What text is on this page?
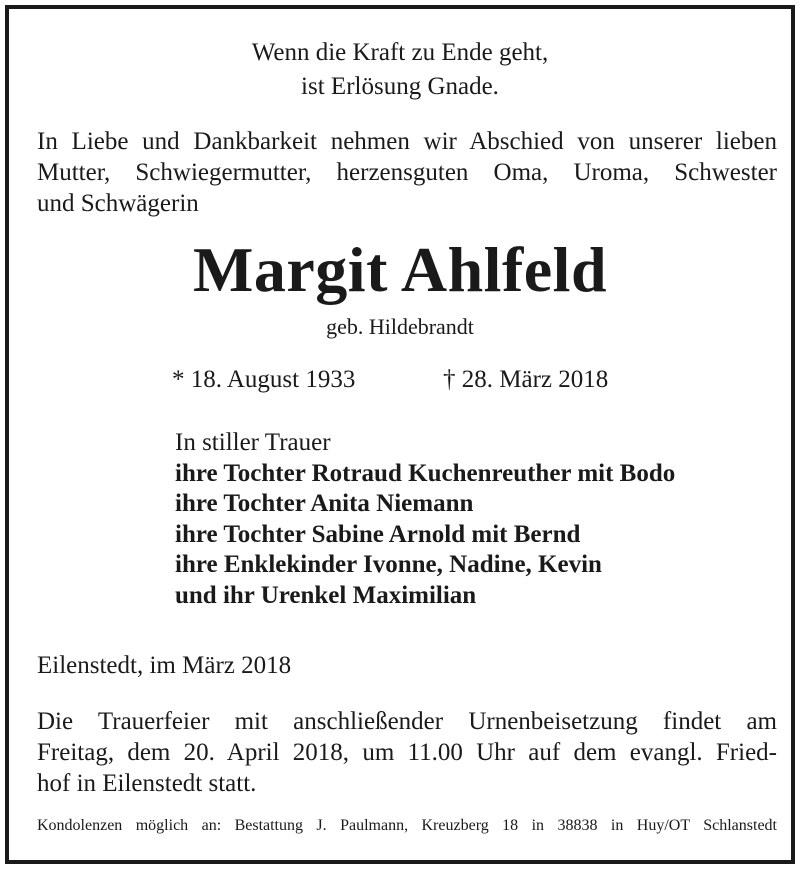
Wenn die Kraft zu Ende geht,
ist Erlösung Gnade.
In Liebe und Dankbarkeit nehmen wir Abschied von unserer lieben
Mutter, Schwiegermutter, herzensguten Oma, Uroma, Schwester
und Schwägerin
Margit Ahlfeld
geb. Hildebrandt
* 18. August 1933	† 28. März 2018
In stiller Trauer
ihre Tochter Rotraud Kuchenreuther mit Bodo
ihre Tochter Anita Niemann
ihre Tochter Sabine Arnold mit Bernd
ihre Enklekinder Ivonne, Nadine, Kevin
und ihr Urenkel Maximilian
Eilenstedt, im März 2018
Die Trauerfeier mit anschließender Urnenbeisetzung findet am
Freitag, dem 20. April 2018, um 11.00 Uhr auf dem evangl. Fried-
hof in Eilenstedt statt.
Kondolenzen möglich an: Bestattung J. Paulmann, Kreuzberg 18 in 38838 in Huy/OT Schlanstedt
